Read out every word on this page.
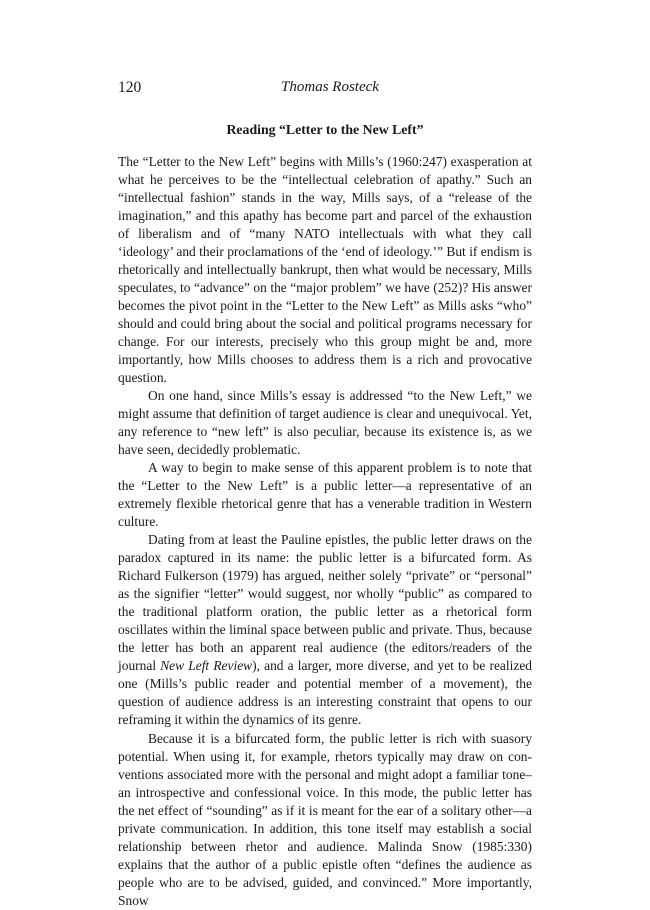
120	Thomas Rosteck
Reading “Letter to the New Left”

The “Letter to the New Left” begins with Mills’s (1960:247) exasperation at what he perceives to be the “intellectual celebration of apathy.” Such an “intellectual fashion” stands in the way, Mills says, of a “release of the imagination,” and this apathy has become part and parcel of the exhaustion of liberalism and of “many NATO intellectuals with what they call ‘ideology’ and their proclamations of the ‘end of ideology.’” But if endism is rhetorically and intellectually bankrupt, then what would be necessary, Mills speculates, to “advance” on the “major problem” we have (252)? His answer becomes the pivot point in the “Letter to the New Left” as Mills asks “who” should and could bring about the social and political programs necessary for change. For our interests, precisely who this group might be and, more importantly, how Mills chooses to address them is a rich and provocative question.

On one hand, since Mills’s essay is addressed “to the New Left,” we might assume that definition of target audience is clear and unequivocal. Yet, any reference to “new left” is also peculiar, because its existence is, as we have seen, decidedly problematic.

A way to begin to make sense of this apparent problem is to note that the “Letter to the New Left” is a public letter—a representative of an extremely flexible rhetorical genre that has a venerable tradition in Western culture.

Dating from at least the Pauline epistles, the public letter draws on the paradox captured in its name: the public letter is a bifurcated form. As Richard Fulkerson (1979) has argued, neither solely “private” or “personal” as the signifier “letter” would suggest, nor wholly “public” as compared to the traditional platform oration, the public letter as a rhetorical form oscillates within the liminal space between public and private. Thus, because the letter has both an apparent real audience (the editors/readers of the journal New Left Review), and a larger, more diverse, and yet to be realized one (Mills’s public reader and potential member of a movement), the question of audience address is an interesting constraint that opens to our reframing it within the dynamics of its genre.

Because it is a bifurcated form, the public letter is rich with suasory potential. When using it, for example, rhetors typically may draw on conventions associated more with the personal and might adopt a familiar tone–an introspective and confessional voice. In this mode, the public letter has the net effect of “sounding” as if it is meant for the ear of a solitary other—a private communication. In addition, this tone itself may establish a social relationship between rhetor and audience. Malinda Snow (1985:330) explains that the author of a public epistle often “defines the audience as people who are to be advised, guided, and convinced.” More importantly, Snow
